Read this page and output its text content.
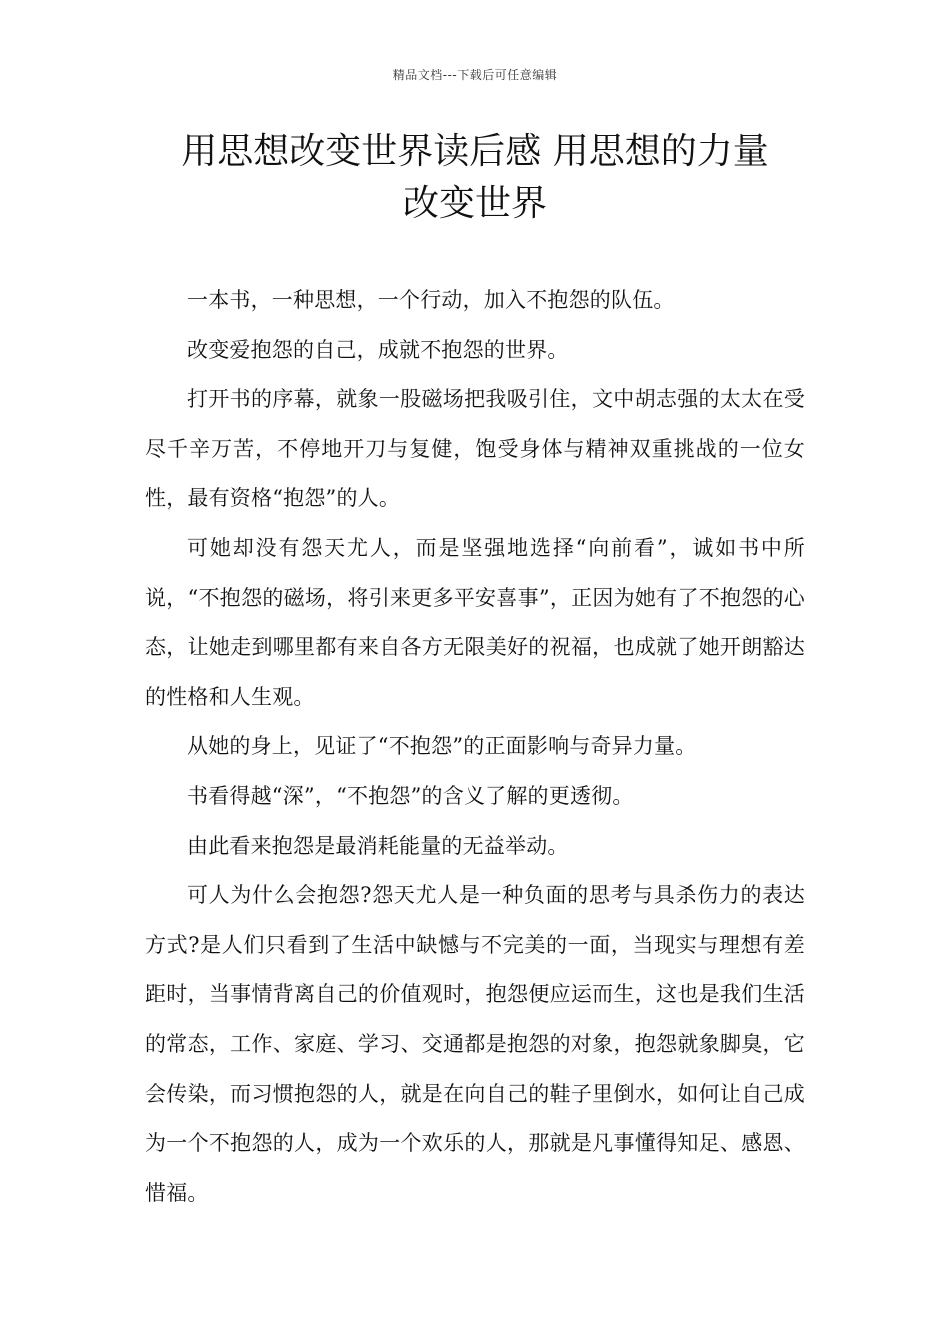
精品文档---下载后可任意编辑
用思想改变世界读后感 用思想的力量
改变世界

一本书，一种思想，一个行动，加入不抱怨的队伍。

改变爱抱怨的自己，成就不抱怨的世界。

打开书的序幕，就象一股磁场把我吸引住，文中胡志强的太太在受尽千辛万苦，不停地开刀与复健，饱受身体与精神双重挑战的一位女性，最有资格“抱怨”的人。

可她却没有怨天尤人，而是坚强地选择“向前看”，诚如书中所说，“不抱怨的磁场，将引来更多平安喜事”，正因为她有了不抱怨的心态，让她走到哪里都有来自各方无限美好的祝福，也成就了她开朗豁达的性格和人生观。

从她的身上，见证了“不抱怨”的正面影响与奇异力量。

书看得越“深”，“不抱怨”的含义了解的更透彻。

由此看来抱怨是最消耗能量的无益举动。

可人为什么会抱怨?怨天尤人是一种负面的思考与具杀伤力的表达方式?是人们只看到了生活中缺憾与不完美的一面，当现实与理想有差距时，当事情背离自己的价值观时，抱怨便应运而生，这也是我们生活的常态，工作、家庭、学习、交通都是抱怨的对象，抱怨就象脚臭，它会传染，而习惯抱怨的人，就是在向自己的鞋子里倒水，如何让自己成为一个不抱怨的人，成为一个欢乐的人，那就是凡事懂得知足、感恩、惜福。
